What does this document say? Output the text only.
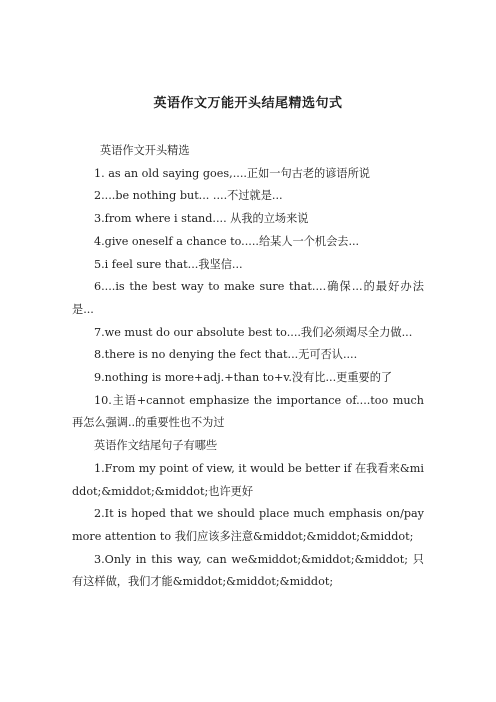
英语作文万能开头结尾精选句式

英语作文开头精选

1. as an old saying goes,....正如一句古老的谚语所说

2....be nothing but... ....不过就是...

3.from where i stand.... 从我的立场来说

4.give oneself a chance to.....给某人一个机会去...

5.i feel sure that...我坚信...

6....is the best way to make sure that....确保...的最好办法是...

7.we must do our absolute best to....我们必须竭尽全力做...

8.there is no denying the fect that...无可否认....

9.nothing is more+adj.+than to+v.没有比...更重要的了

10.主语+cannot emphasize the importance of....too much 再怎么强调..的重要性也不为过

英语作文结尾句子有哪些

1.From my point of view, it would be better if 在我看来&middot;&middot;&middot;也许更好

2.It is hoped that we should place much emphasis on/pay more attention to 我们应该多注意&middot;&middot;&middot;

3.Only in this way, can we&middot;&middot;&middot; 只有这样做，我们才能&middot;&middot;&middot;
